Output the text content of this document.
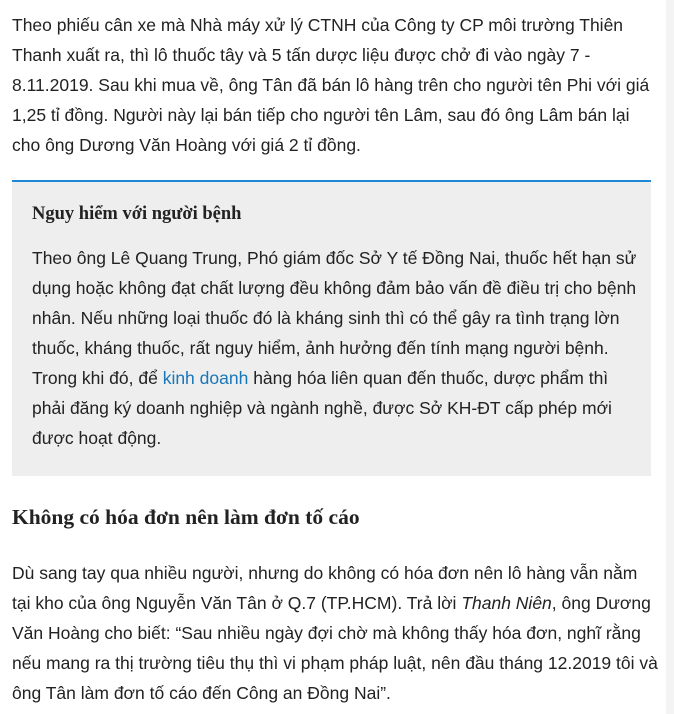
Theo phiếu cân xe mà Nhà máy xử lý CTNH của Công ty CP môi trường Thiên Thanh xuất ra, thì lô thuốc tây và 5 tấn dược liệu được chở đi vào ngày 7 - 8.11.2019. Sau khi mua về, ông Tân đã bán lô hàng trên cho người tên Phi với giá 1,25 tỉ đồng. Người này lại bán tiếp cho người tên Lâm, sau đó ông Lâm bán lại cho ông Dương Văn Hoàng với giá 2 tỉ đồng.

Nguy hiểm với người bệnh

Theo ông Lê Quang Trung, Phó giám đốc Sở Y tế Đồng Nai, thuốc hết hạn sử dụng hoặc không đạt chất lượng đều không đảm bảo vấn đề điều trị cho bệnh nhân. Nếu những loại thuốc đó là kháng sinh thì có thể gây ra tình trạng lờn thuốc, kháng thuốc, rất nguy hiểm, ảnh hưởng đến tính mạng người bệnh. Trong khi đó, để kinh doanh hàng hóa liên quan đến thuốc, dược phẩm thì phải đăng ký doanh nghiệp và ngành nghề, được Sở KH-ĐT cấp phép mới được hoạt động.

Không có hóa đơn nên làm đơn tố cáo

Dù sang tay qua nhiều người, nhưng do không có hóa đơn nên lô hàng vẫn nằm tại kho của ông Nguyễn Văn Tân ở Q.7 (TP.HCM). Trả lời Thanh Niên, ông Dương Văn Hoàng cho biết: “Sau nhiều ngày đợi chờ mà không thấy hóa đơn, nghĩ rằng nếu mang ra thị trường tiêu thụ thì vi phạm pháp luật, nên đầu tháng 12.2019 tôi và ông Tân làm đơn tố cáo đến Công an Đồng Nai”.
